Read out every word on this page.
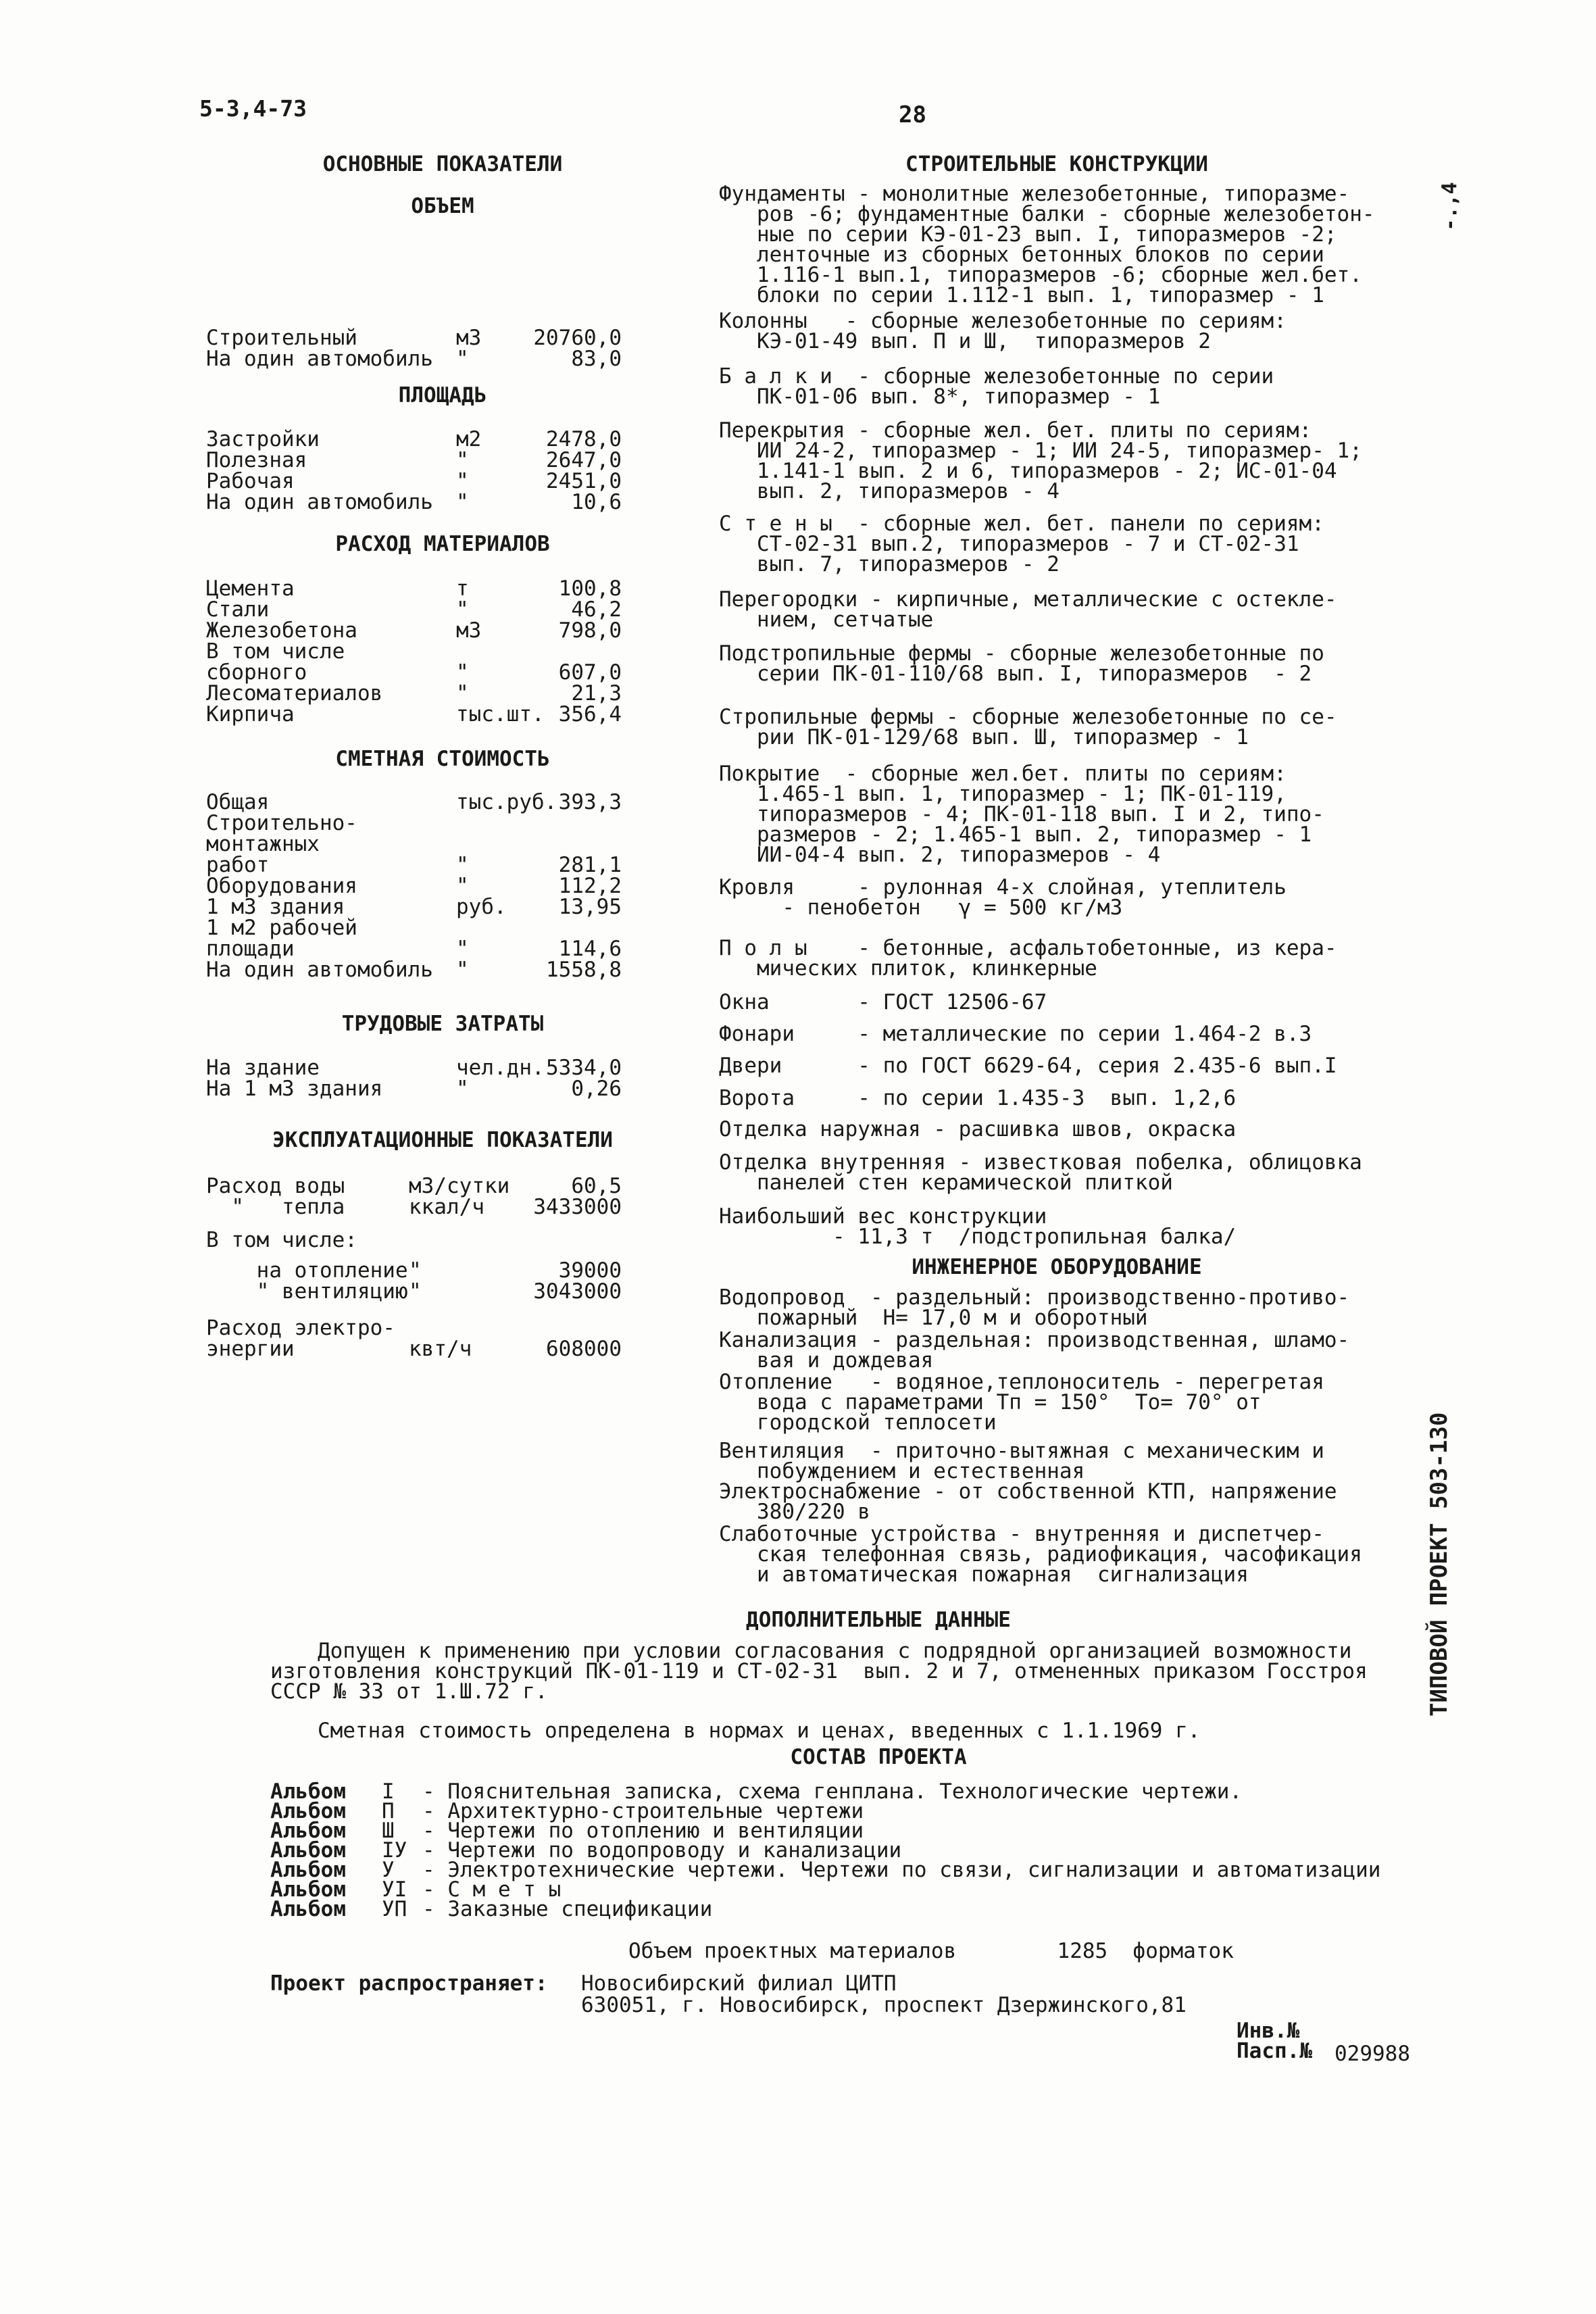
5-3,4-73	28
-.,4
ОСНОВНЫЕ ПОКАЗАТЕЛИ
ОБЪЕМ
Строительный	м3 20760,0
На один автомобиль "	83,0
ПЛОЩАДЬ
Застройки	м2	2478,0
Полезная	"	2647,0
Рабочая	"	2451,0
На один автомобиль "	10,6
РАСХОД МАТЕРИАЛОВ
Цемента	т	100,8
Стали	"	46,2
Железобетона	м3	798,0
В том числе
сборного	"	607,0
Лесоматериалов	"	21,3
Кирпича	тыс.шт. 356,4
СМЕТНАЯ СТОИМОСТЬ
Общая	тыс.руб. 393,3
Строительно-
монтажных
работ	"	281,1
Оборудования	"	112,2
1 м3 здания	руб. 13,95
1 м2 рабочей
площади	"	114,6
На один автомобиль "	1558,8
ТРУДОВЫЕ ЗАТРАТЫ
На здание	чел.дн. 5334,0
На 1 м3 здания	"	0,26
ЭКСПЛУАТАЦИОННЫЕ ПОКАЗАТЕЛИ
Расход воды	м3/сутки	60,5
"   тепла	ккал/ч 3433000
В том числе:
на отопление "	39000
" вентиляцию "	3043000
Расход электро-
энергии	квт/ч	608000
СТРОИТЕЛЬНЫЕ КОНСТРУКЦИИ
Фундаменты - монолитные железобетонные, типоразме-
ров -6; фундаментные балки - сборные железобетон-
ные по серии КЭ-01-23 вып. I, типоразмеров -2;
ленточные из сборных бетонных блоков по серии
1.116-1 вып.1, типоразмеров -6; сборные жел.бет.
блоки по серии 1.112-1 вып. 1, типоразмер - 1
Колонны   - сборные железобетонные по сериям:
КЭ-01-49 вып. П и Ш,  типоразмеров 2
Б а л к и  - сборные железобетонные по серии
ПК-01-06 вып. 8*, типоразмер - 1
Перекрытия - сборные жел. бет. плиты по сериям:
ИИ 24-2, типоразмер - 1; ИИ 24-5, типоразмер- 1;
1.141-1 вып. 2 и 6, типоразмеров - 2; ИС-01-04
вып. 2, типоразмеров - 4
С т е н ы  - сборные жел. бет. панели по сериям:
СТ-02-31 вып.2, типоразмеров - 7 и СТ-02-31
вып. 7, типоразмеров - 2
Перегородки - кирпичные, металлические с остекле-
нием, сетчатые
Подстропильные фермы - сборные железобетонные по
серии ПК-01-110/68 вып. I, типоразмеров  - 2
Стропильные фермы - сборные железобетонные по се-
рии ПК-01-129/68 вып. Ш, типоразмер - 1
Покрытие  - сборные жел.бет. плиты по сериям:
1.465-1 вып. 1, типоразмер - 1; ПК-01-119,
типоразмеров - 4; ПК-01-118 вып. I и 2, типо-
размеров - 2; 1.465-1 вып. 2, типоразмер - 1
ИИ-04-4 вып. 2, типоразмеров - 4
Кровля     - рулонная 4-х слойная, утеплитель
- пенобетон   γ = 500 кг/м3
П о л ы    - бетонные, асфальтобетонные, из кера-
мических плиток, клинкерные
Окна       - ГОСТ 12506-67
Фонари     - металлические по серии 1.464-2 в.3
Двери      - по ГОСТ 6629-64, серия 2.435-6 вып.I
Ворота     - по серии 1.435-3  вып. 1,2,6
Отделка наружная - расшивка швов, окраска
Отделка внутренняя - известковая побелка, облицовка
панелей стен керамической плиткой
Наибольший вес конструкции
- 11,3 т  /подстропильная балка/
ИНЖЕНЕРНОЕ ОБОРУДОВАНИЕ
Водопровод  - раздельный: производственно-противо-
пожарный  H= 17,0 м и оборотный
Канализация - раздельная: производственная, шламо-
вая и дождевая
Отопление   - водяное,теплоноситель - перегретая
вода с параметрами Tп = 150°  Tо= 70° от
городской теплосети
Вентиляция  - приточно-вытяжная с механическим и
побуждением и естественная
Электроснабжение - от собственной КТП, напряжение
380/220 в
Слаботочные устройства - внутренняя и диспетчер-
ская телефонная связь, радиофикация, часофикация
и автоматическая пожарная  сигнализация
ДОПОЛНИТЕЛЬНЫЕ ДАННЫЕ
Допущен к применению при условии согласования с подрядной организацией возможности
изготовления конструкций ПК-01-119 и СТ-02-31  вып. 2 и 7, отмененных приказом Госстроя
СССР № 33 от 1.Ш.72 г.
Сметная стоимость определена в нормах и ценах, введенных с 1.1.1969 г.
СОСТАВ ПРОЕКТА
Альбом I - Пояснительная записка, схема генплана. Технологические чертежи.
Альбом П - Архитектурно-строительные чертежи
Альбом Ш - Чертежи по отоплению и вентиляции
Альбом IУ - Чертежи по водопроводу и канализации
Альбом У - Электротехнические чертежи. Чертежи по связи, сигнализации и автоматизации
Альбом УI - С м е т ы
Альбом УП - Заказные спецификации
Объем проектных материалов        1285  форматок
Проект распространяет: Новосибирский филиал ЦИТП
630051, г. Новосибирск, проспект Дзержинского,81
Инв.№
Пасп.№ 029988
ТИПОВОЙ ПРОЕКТ 503-130
